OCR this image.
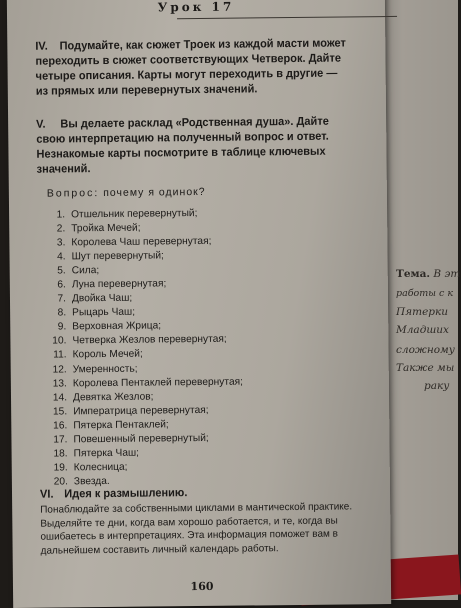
Тема. В эт
работы с к
Пятерки
Младших
сложному
Также мы
раку
Урок 17
IV. Подумайте, как сюжет Троек из каждой масти может переходить в сюжет соответствующих Четверок. Дайте четыре описания. Карты могут переходить в другие — из прямых или перевернутых значений.
V. Вы делаете расклад «Родственная душа». Дайте свою интерпретацию на полученный вопрос и ответ. Незнакомые карты посмотрите в таблице ключевых значений.
Вопрос: почему я одинок?
1. Отшельник перевернутый;
2. Тройка Мечей;
3. Королева Чаш перевернутая;
4. Шут перевернутый;
5. Сила;
6. Луна перевернутая;
7. Двойка Чаш;
8. Рыцарь Чаш;
9. Верховная Жрица;
10. Четверка Жезлов перевернутая;
11. Король Мечей;
12. Умеренность;
13. Королева Пентаклей перевернутая;
14. Девятка Жезлов;
15. Императрица перевернутая;
16. Пятерка Пентаклей;
17. Повешенный перевернутый;
18. Пятерка Чаш;
19. Колесница;
20. Звезда.
VI. Идея к размышлению.
Понаблюдайте за собственными циклами в мантической практике. Выделяйте те дни, когда вам хорошо работается, и те, когда вы ошибаетесь в интерпретациях. Эта информация поможет вам в дальнейшем составить личный календарь работы.
160
